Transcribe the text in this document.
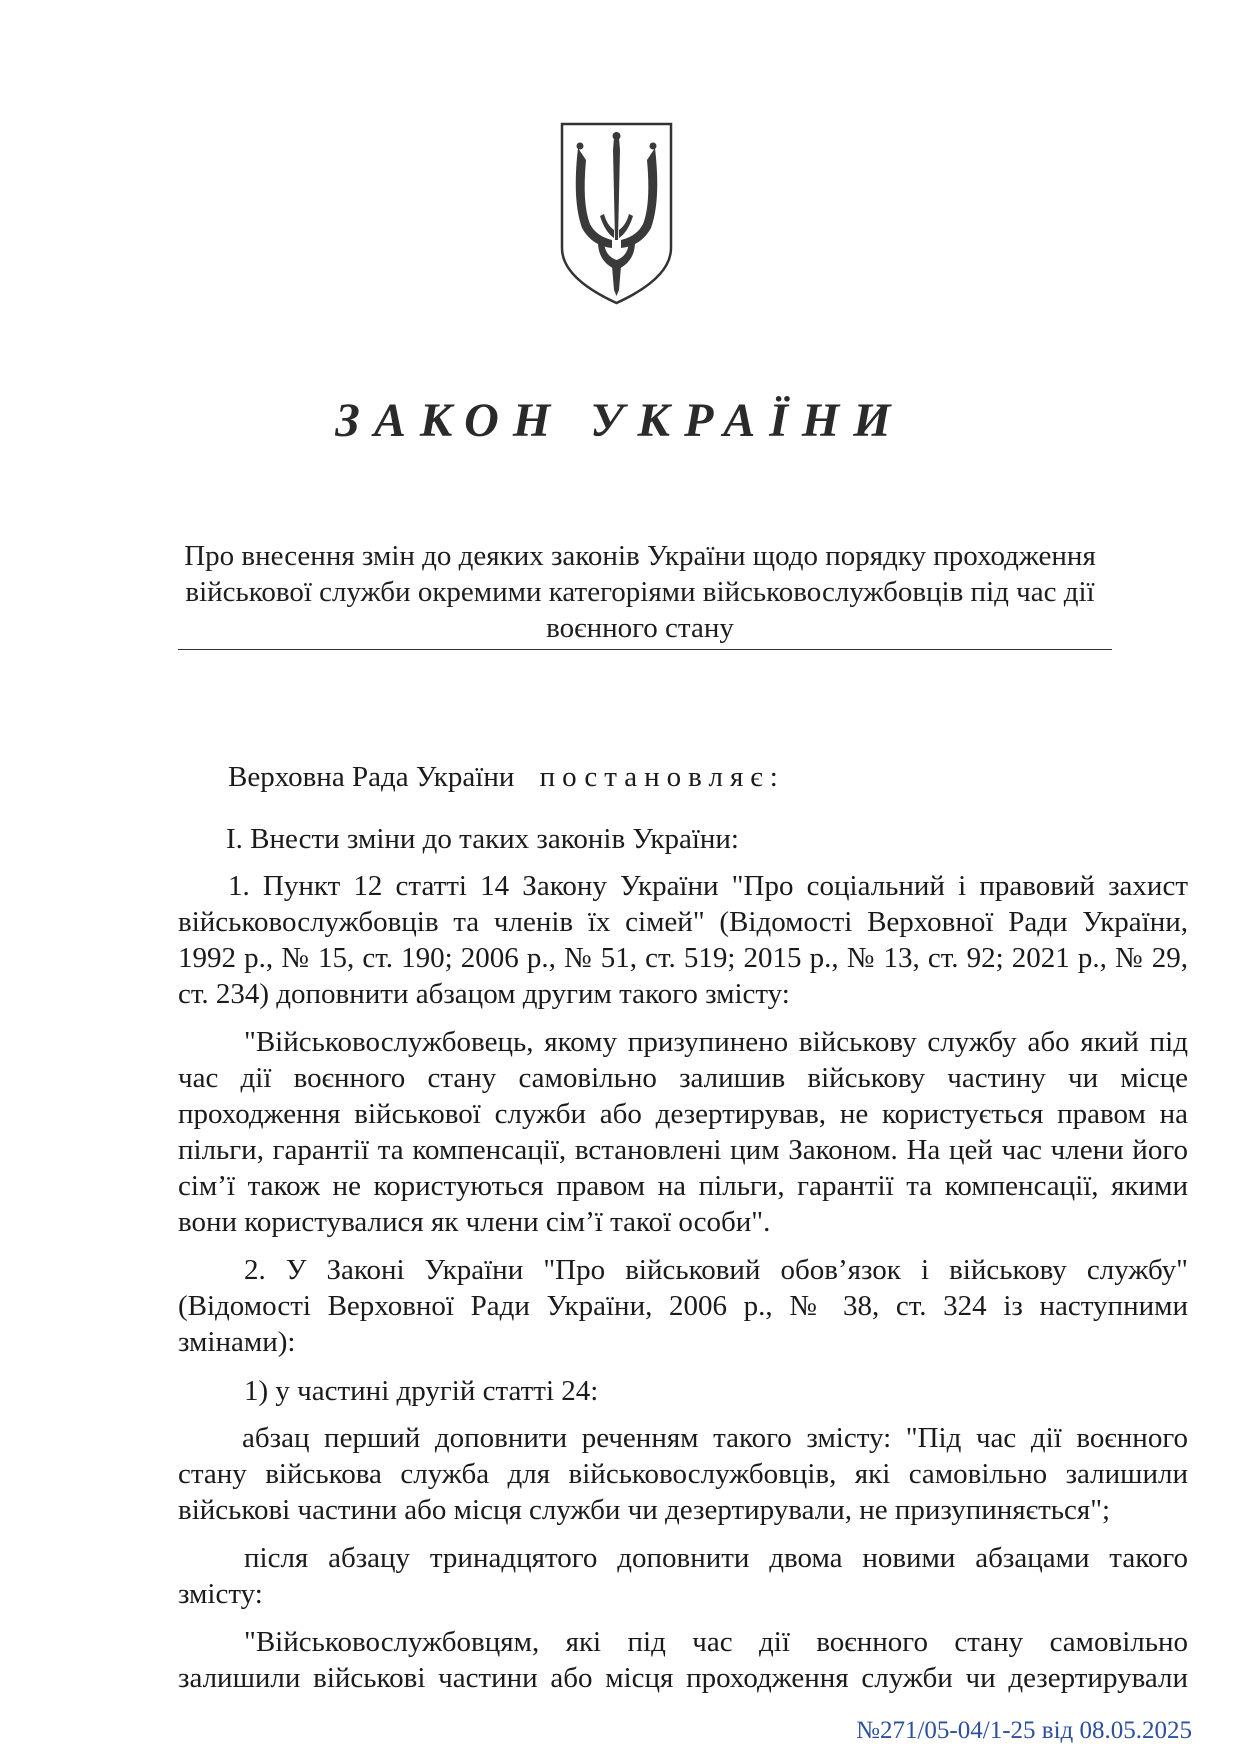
ЗАКОН УКРАЇНИ
Про внесення змін до деяких законів України щодо порядку проходження
військової служби окремими категоріями військовослужбовців під час дії
воєнного стану
Верховна Рада України постановляє:
І. Внести зміни до таких законів України:
1. Пункт 12 статті 14 Закону України "Про соціальний і правовий захист
військовослужбовців та членів їх сімей" (Відомості Верховної Ради України,
1992 р., № 15, ст. 190; 2006 р., № 51, ст. 519; 2015 р., № 13, ст. 92; 2021 р., № 29,
ст. 234) доповнити абзацом другим такого змісту:
"Військовослужбовець, якому призупинено військову службу або який під
час дії воєнного стану самовільно залишив військову частину чи місце
проходження військової служби або дезертирував, не користується правом на
пільги, гарантії та компенсації, встановлені цим Законом. На цей час члени його
сім’ї також не користуються правом на пільги, гарантії та компенсації, якими
вони користувалися як члени сім’ї такої особи".
2. У Законі України "Про військовий обов’язок і військову службу"
(Відомості Верховної Ради України, 2006 р., № 38, ст. 324 із наступними
змінами):
1) у частині другій статті 24:
абзац перший доповнити реченням такого змісту: "Під час дії воєнного
стану військова служба для військовослужбовців, які самовільно залишили
військові частини або місця служби чи дезертирували, не призупиняється";
після абзацу тринадцятого доповнити двома новими абзацами такого
змісту:
"Військовослужбовцям, які під час дії воєнного стану самовільно
залишили військові частини або місця проходження служби чи дезертирували
№271/05-04/1-25 від 08.05.2025
